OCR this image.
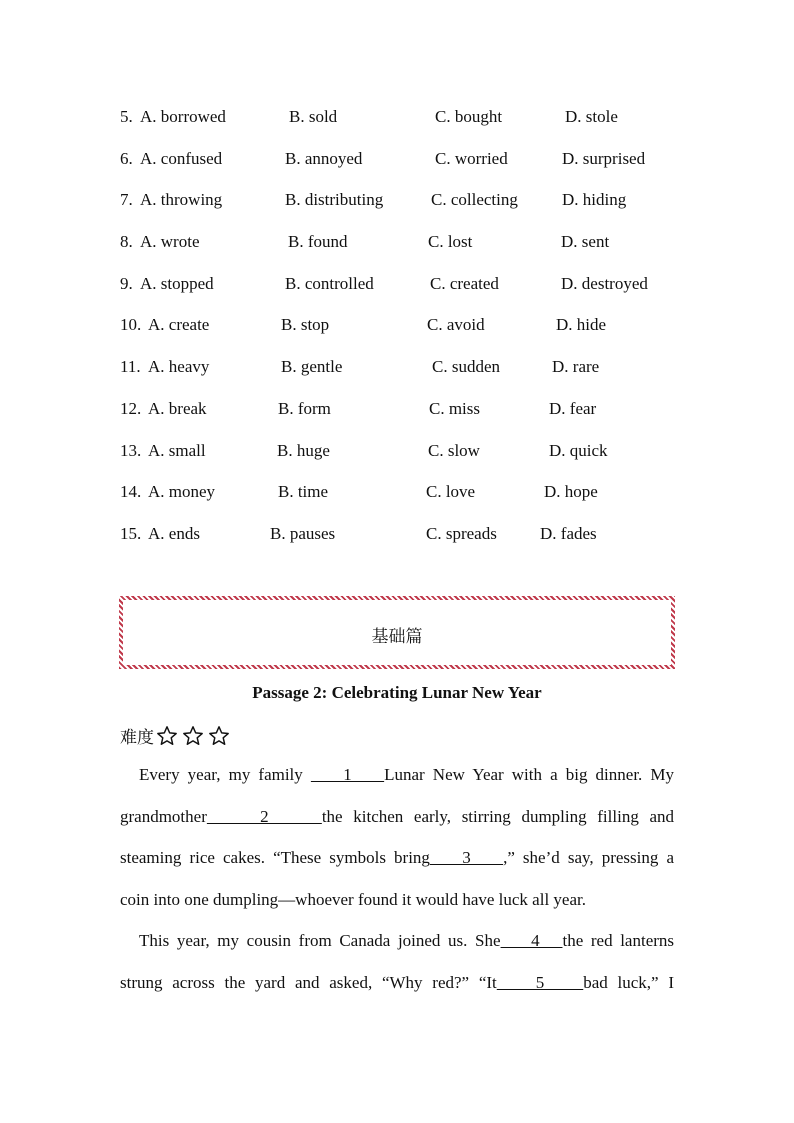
5. A. borrowed	B. sold	C. bought	D. stole
6. A. confused	B. annoyed	C. worried	D. surprised
7. A. throwing	B. distributing	C. collecting	D. hiding
8. A. wrote	B. found	C. lost	D. sent
9. A. stopped	B. controlled	C. created	D. destroyed
10. A. create	B. stop	C. avoid	D. hide
11. A. heavy	B. gentle	C. sudden	D. rare
12. A. break	B. form	C. miss	D. fear
13. A. small	B. huge	C. slow	D. quick
14. A. money	B. time	C. love	D. hope
15. A. ends	B. pauses	C. spreads	D. fades
基础篇
Passage 2: Celebrating Lunar New Year
难度
Every year, my family     1    Lunar New Year with a big dinner. My
grandmother     2     the kitchen early, stirring dumpling filling and
steaming rice cakes. “These symbols bring    3    ,” she’d say, pressing a
coin into one dumpling—whoever found it would have luck all year.
This year, my cousin from Canada joined us. She    4   the red lanterns
strung across the yard and asked, “Why red?” “It    5    bad luck,” I
